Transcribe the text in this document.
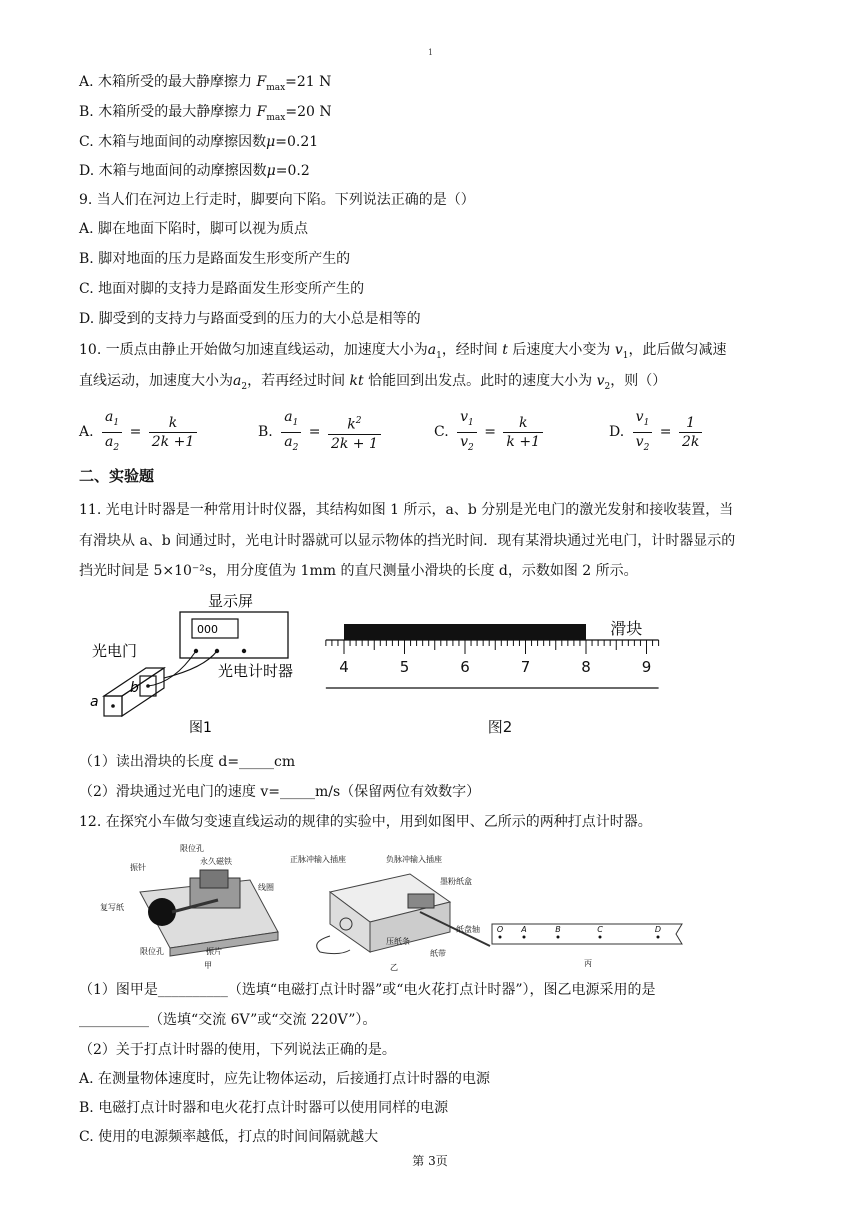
1
A. 木箱所受的最大静摩擦力 $F_{max}=21$ N
B. 木箱所受的最大静摩擦力 $F_{max}=20$ N
C. 木箱与地面间的动摩擦因数μ=0.21
D. 木箱与地面间的动摩擦因数μ=0.2
9. 当人们在河边上行走时，脚要向下陷。下列说法正确的是（）
A. 脚在地面下陷时，脚可以视为质点
B. 脚对地面的压力是路面发生形变所产生的
C. 地面对脚的支持力是路面发生形变所产生的
D. 脚受到的支持力与路面受到的压力的大小总是相等的
10. 一质点由静止开始做匀加速直线运动，加速度大小为$a_1$，经时间 t 后速度大小变为 $v_1$，此后做匀减速
直线运动，加速度大小为$a_2$，若再经过时间 kt 恰能回到出发点。此时的速度大小为 $v_2$，则（）
A. $\frac{a_1}{a_2} = \frac{k}{2k +1}$	B. $\frac{a_1}{a_2} = \frac{k^2}{2k + 1}$	C. $\frac{v_1}{v_2} = \frac{k}{k +1}$	D. $\frac{v_1}{v_2} = \frac{1}{2k}$
二、实验题
11. 光电计时器是一种常用计时仪器，其结构如图 1 所示，a、b 分别是光电门的激光发射和接收装置，当
有滑块从 a、b 间通过时，光电计时器就可以显示物体的挡光时间．现有某滑块通过光电门，计时器显示的
挡光时间是 5×10⁻²s，用分度值为 1mm 的直尺测量小滑块的长度 d，示数如图 2 所示。
显示屏
000
光电计时器
光电门
b
a
图1
4	5	6	7	8	9
滑块
图2
（1）读出滑块的长度 d=_____cm
（2）滑块通过光电门的速度 v=_____m/s（保留两位有效数字）
12. 在探究小车做匀变速直线运动的规律的实验中，用到如图甲、乙所示的两种打点计时器。
限位孔
永久磁铁
振针
线圈
复写纸
限位孔	振片
甲
正脉冲输入插座	负脉冲输入插座
墨粉纸盒
纸盘轴
压纸条
纸带
乙
O A	B	C	D
丙
（1）图甲是__________（选填“电磁打点计时器”或“电火花打点计时器”），图乙电源采用的是
__________（选填“交流 6V”或“交流 220V”）。
（2）关于打点计时器的使用，下列说法正确的是。
A. 在测量物体速度时，应先让物体运动，后接通打点计时器的电源
B. 电磁打点计时器和电火花打点计时器可以使用同样的电源
C. 使用的电源频率越低，打点的时间间隔就越大
第 3页
